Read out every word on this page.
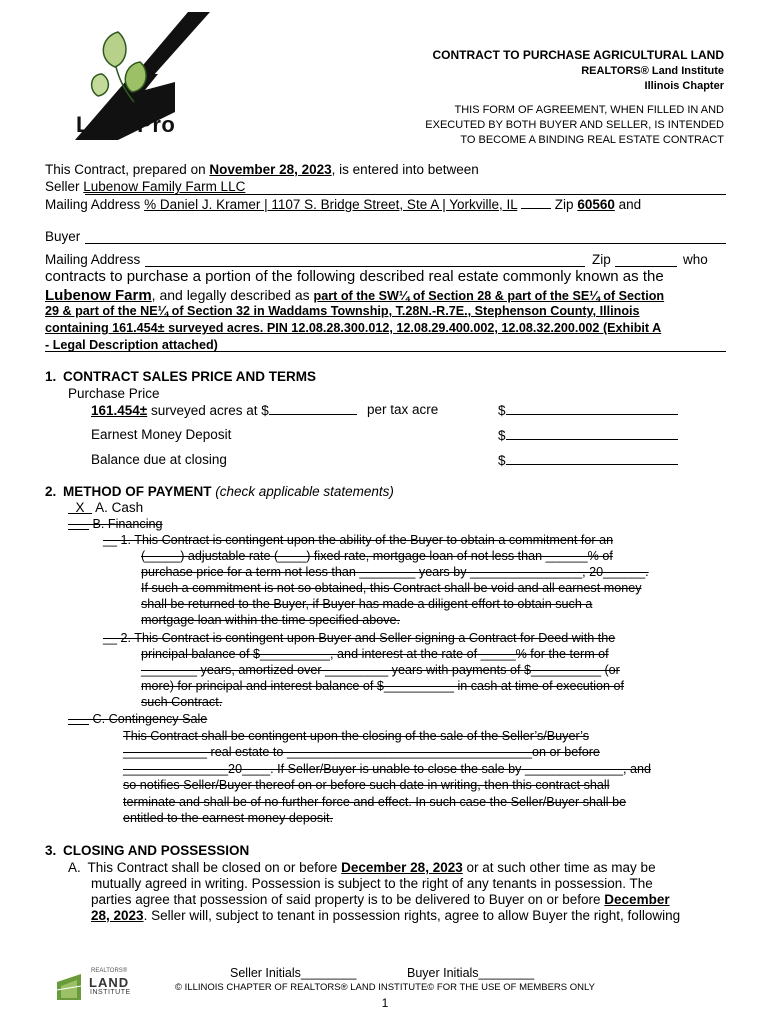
Land Pro
CONTRACT TO PURCHASE AGRICULTURAL LAND
REALTORS® Land Institute
Illinois Chapter
THIS FORM OF AGREEMENT, WHEN FILLED IN AND
EXECUTED BY BOTH BUYER AND SELLER, IS INTENDED
TO BECOME A BINDING REAL ESTATE CONTRACT
This Contract, prepared on November 28, 2023, is entered into between
Seller Lubenow Family Farm LLC
Mailing Address % Daniel J. Kramer | 1107 S. Bridge Street, Ste A | Yorkville, IL	Zip 60560 and
Buyer
Mailing Address	Zip	who
contracts to purchase a portion of the following described real estate commonly known as the
Lubenow Farm, and legally described as part of the SW¼ of Section 28 & part of the SE¼ of Section
29 & part of the NE¼ of Section 32 in Waddams Township, T.28N.-R.7E., Stephenson County, Illinois
containing 161.454± surveyed acres. PIN 12.08.28.300.012, 12.08.29.400.002, 12.08.32.200.002 (Exhibit A
- Legal Description attached)
1. CONTRACT SALES PRICE AND TERMS
Purchase Price
161.454± surveyed acres at $	per tax acre	$
Earnest Money Deposit	$
Balance due at closing	$
2. METHOD OF PAYMENT (check applicable statements)
X A. Cash
B. Financing
__ 1. This Contract is contingent upon the ability of the Buyer to obtain a commitment for an
(_____) adjustable rate (____) fixed rate, mortgage loan of not less than ______% of
purchase price for a term not less than ________ years by ________________, 20______.
If such a commitment is not so obtained, this Contract shall be void and all earnest money
shall be returned to the Buyer, if Buyer has made a diligent effort to obtain such a
mortgage loan within the time specified above.
__ 2. This Contract is contingent upon Buyer and Seller signing a Contract for Deed with the
principal balance of $__________, and interest at the rate of _____% for the term of
________ years, amortized over _________ years with payments of $__________ (or
more) for principal and interest balance of $__________ in cash at time of execution of
such Contract.
C. Contingency Sale
This Contract shall be contingent upon the closing of the sale of the Seller’s/Buyer’s
____________ real estate to ___________________________________on or before
_______________20____. If Seller/Buyer is unable to close the sale by ______________, and
so notifies Seller/Buyer thereof on or before such date in writing, then this contract shall
terminate and shall be of no further force and effect. In such case the Seller/Buyer shall be
entitled to the earnest money deposit.
3. CLOSING AND POSSESSION
A. This Contract shall be closed on or before December 28, 2023 or at such other time as may be
mutually agreed in writing. Possession is subject to the right of any tenants in possession. The
parties agree that possession of said property is to be delivered to Buyer on or before December
28, 2023. Seller will, subject to tenant in possession rights, agree to allow Buyer the right, following
REALTORS®
LAND
INSTITUTE
Seller Initials________	Buyer Initials________
© ILLINOIS CHAPTER OF REALTORS® LAND INSTITUTE© FOR THE USE OF MEMBERS ONLY
1
